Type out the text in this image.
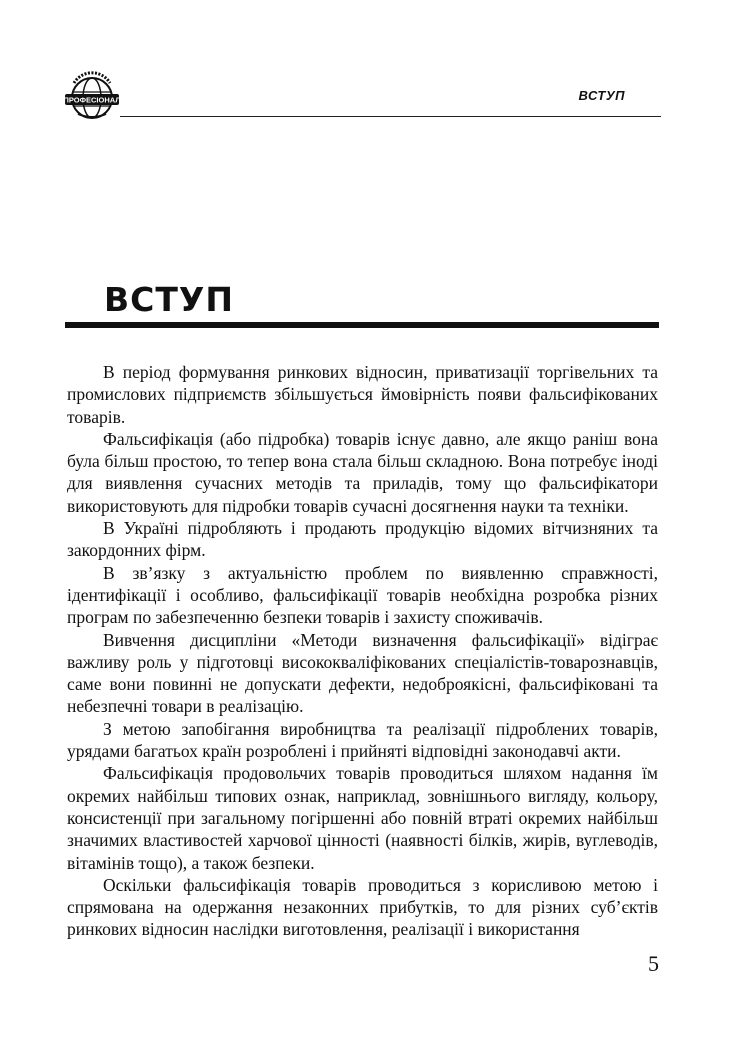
ПРОФЕСІОНАЛ	ВСТУП
ВСТУП

В період формування ринкових відносин, приватизації торгівельних та промислових підприємств збільшується ймовірність появи фальсифікованих товарів.

Фальсифікація (або підробка) товарів існує давно, але якщо раніш вона була більш простою, то тепер вона стала більш складною. Вона потребує іноді для виявлення сучасних методів та приладів, тому що фальсифікатори використовують для підробки товарів сучасні досягнення науки та техніки.

В Україні підробляють і продають продукцію відомих вітчизняних та закордонних фірм.

В зв’язку з актуальністю проблем по виявленню справжності, ідентифікації і особливо, фальсифікації товарів необхідна розробка різних програм по забезпеченню безпеки товарів і захисту споживачів.

Вивчення дисципліни «Методи визначення фальсифікації» відіграє важливу роль у підготовці висококваліфікованих спеціалістів-товарознавців, саме вони повинні не допускати дефекти, недоброякісні, фальсифіковані та небезпечні товари в реалізацію.

З метою запобігання виробництва та реалізації підроблених товарів, урядами багатьох країн розроблені і прийняті відповідні законодавчі акти.

Фальсифікація продовольчих товарів проводиться шляхом надання їм окремих найбільш типових ознак, наприклад, зовнішнього вигляду, кольору, консистенції при загальному погіршенні або повній втраті окремих найбільш значимих властивостей харчової цінності (наявності білків, жирів, вуглеводів, вітамінів тощо), а також безпеки.

Оскільки фальсифікація товарів проводиться з корисливою метою і спрямована на одержання незаконних прибутків, то для різних суб’єктів ринкових відносин наслідки виготовлення, реалізації і використання

5
